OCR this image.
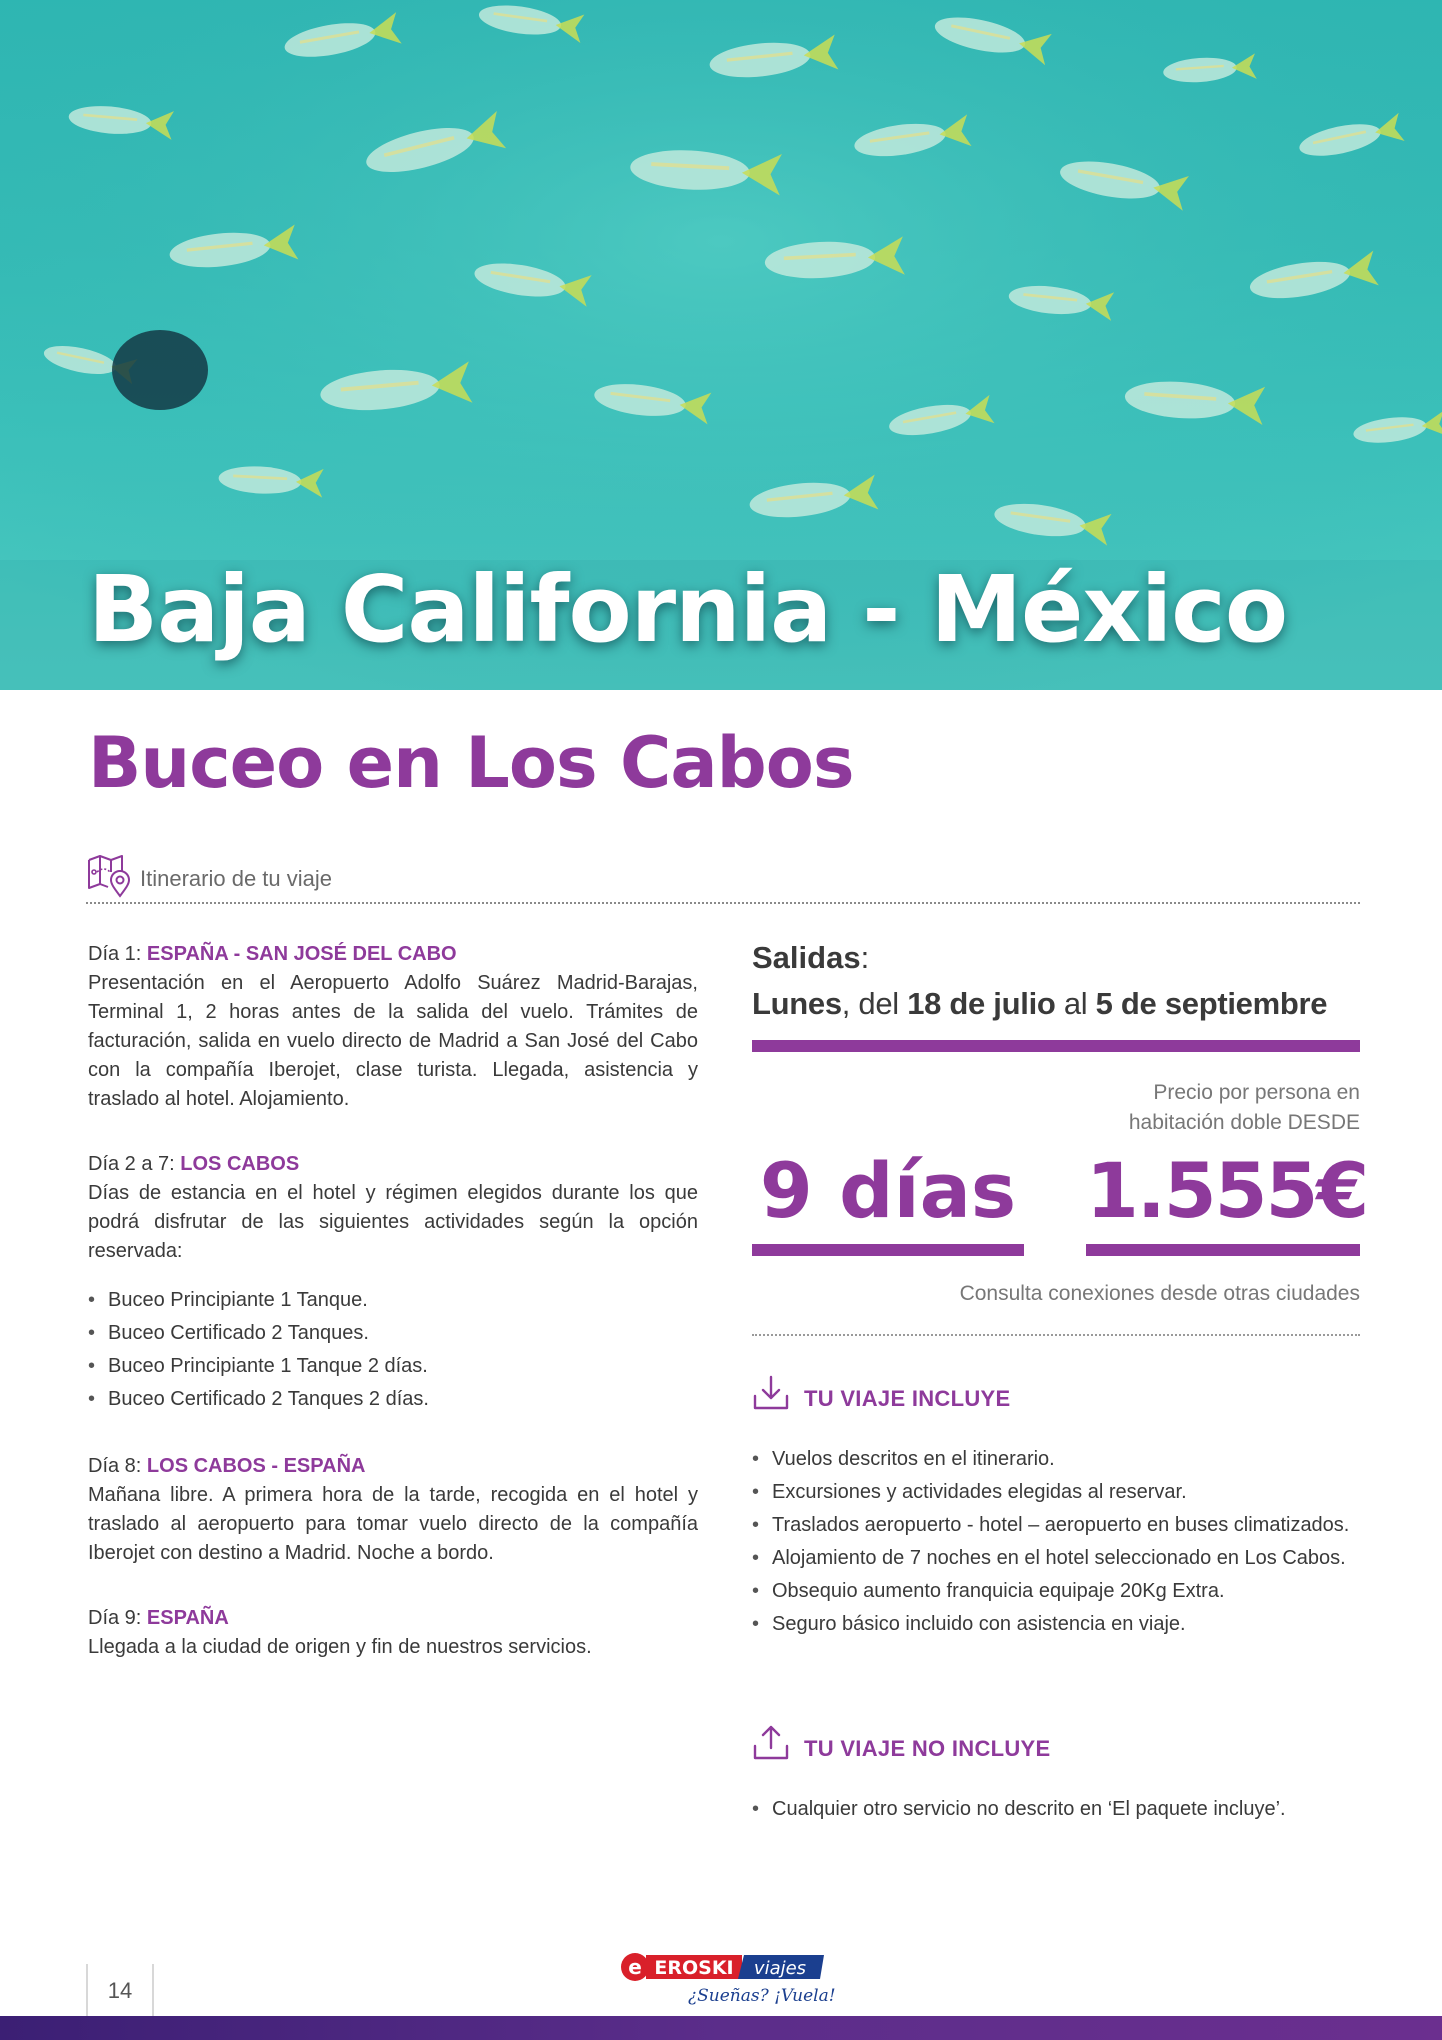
Baja California - México
Buceo en Los Cabos
Itinerario de tu viaje
Día 1: ESPAÑA - SAN JOSÉ DEL CABO

Presentación en el Aeropuerto Adolfo Suárez Madrid-Barajas, Terminal 1, 2 horas antes de la salida del vuelo. Trámites de facturación, salida en vuelo directo de Madrid a San José del Cabo con la compañía Iberojet, clase turista. Llegada, asistencia y traslado al hotel. Alojamiento.

Día 2 a 7: LOS CABOS

Días de estancia en el hotel y régimen elegidos durante los que podrá disfrutar de las siguientes actividades según la opción reservada:

• Buceo Principiante 1 Tanque.
• Buceo Certificado 2 Tanques.
• Buceo Principiante 1 Tanque 2 días.
• Buceo Certificado 2 Tanques 2 días.
Día 8: LOS CABOS - ESPAÑA

Mañana libre. A primera hora de la tarde, recogida en el hotel y traslado al aeropuerto para tomar vuelo directo de la compañía Iberojet con destino a Madrid. Noche a bordo.

Día 9: ESPAÑA

Llegada a la ciudad de origen y fin de nuestros servicios.

Salidas:
Lunes, del 18 de julio al 5 de septiembre
Precio por persona en
habitación doble DESDE
9 días 1.555€
Consulta conexiones desde otras ciudades
TU VIAJE INCLUYE
• Vuelos descritos en el itinerario.
• Excursiones y actividades elegidas al reservar.
• Traslados aeropuerto - hotel – aeropuerto en buses climatizados.
• Alojamiento de 7 noches en el hotel seleccionado en Los Cabos.
• Obsequio aumento franquicia equipaje 20Kg Extra.
• Seguro básico incluido con asistencia en viaje.
TU VIAJE NO INCLUYE
• Cualquier otro servicio no descrito en ‘El paquete incluye’.
14
e EROSKI viajes
¿Sueñas? ¡Vuela!
